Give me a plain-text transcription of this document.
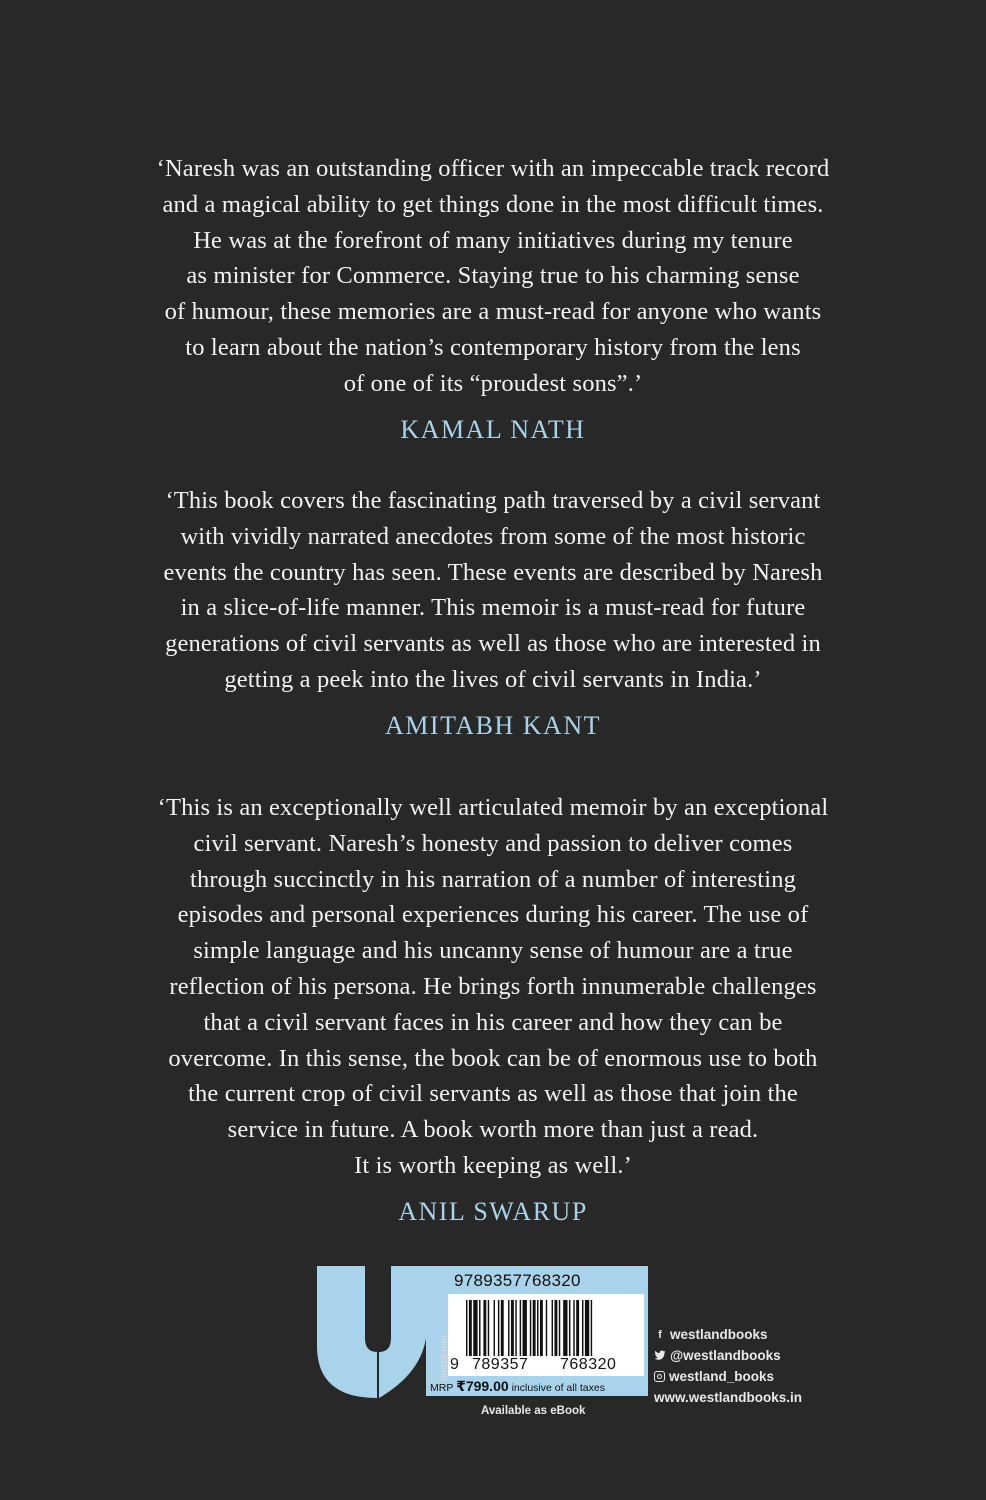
‘Naresh was an outstanding officer with an impeccable track record
and a magical ability to get things done in the most difficult times.
He was at the forefront of many initiatives during my tenure
as minister for Commerce. Staying true to his charming sense
of humour, these memories are a must-read for anyone who wants
to learn about the nation’s contemporary history from the lens
of one of its “proudest sons”.’

KAMAL NATH

‘This book covers the fascinating path traversed by a civil servant
with vividly narrated anecdotes from some of the most historic
events the country has seen. These events are described by Naresh
in a slice-of-life manner. This memoir is a must-read for future
generations of civil servants as well as those who are interested in
getting a peek into the lives of civil servants in India.’

AMITABH KANT

‘This is an exceptionally well articulated memoir by an exceptional
civil servant. Naresh’s honesty and passion to deliver comes
through succinctly in his narration of a number of interesting
episodes and personal experiences during his career. The use of
simple language and his uncanny sense of humour are a true
reflection of his persona. He brings forth innumerable challenges
that a civil servant faces in his career and how they can be
overcome. In this sense, the book can be of enormous use to both
the current crop of civil servants as well as those that join the
service in future. A book worth more than just a read.
It is worth keeping as well.’

ANIL SWARUP
9789357768320
9 789357 768320
MRP ₹799.00 inclusive of all taxes
non-fiction
Available as eBook
f westlandbooks
@westlandbooks
westland_books
www.westlandbooks.in
